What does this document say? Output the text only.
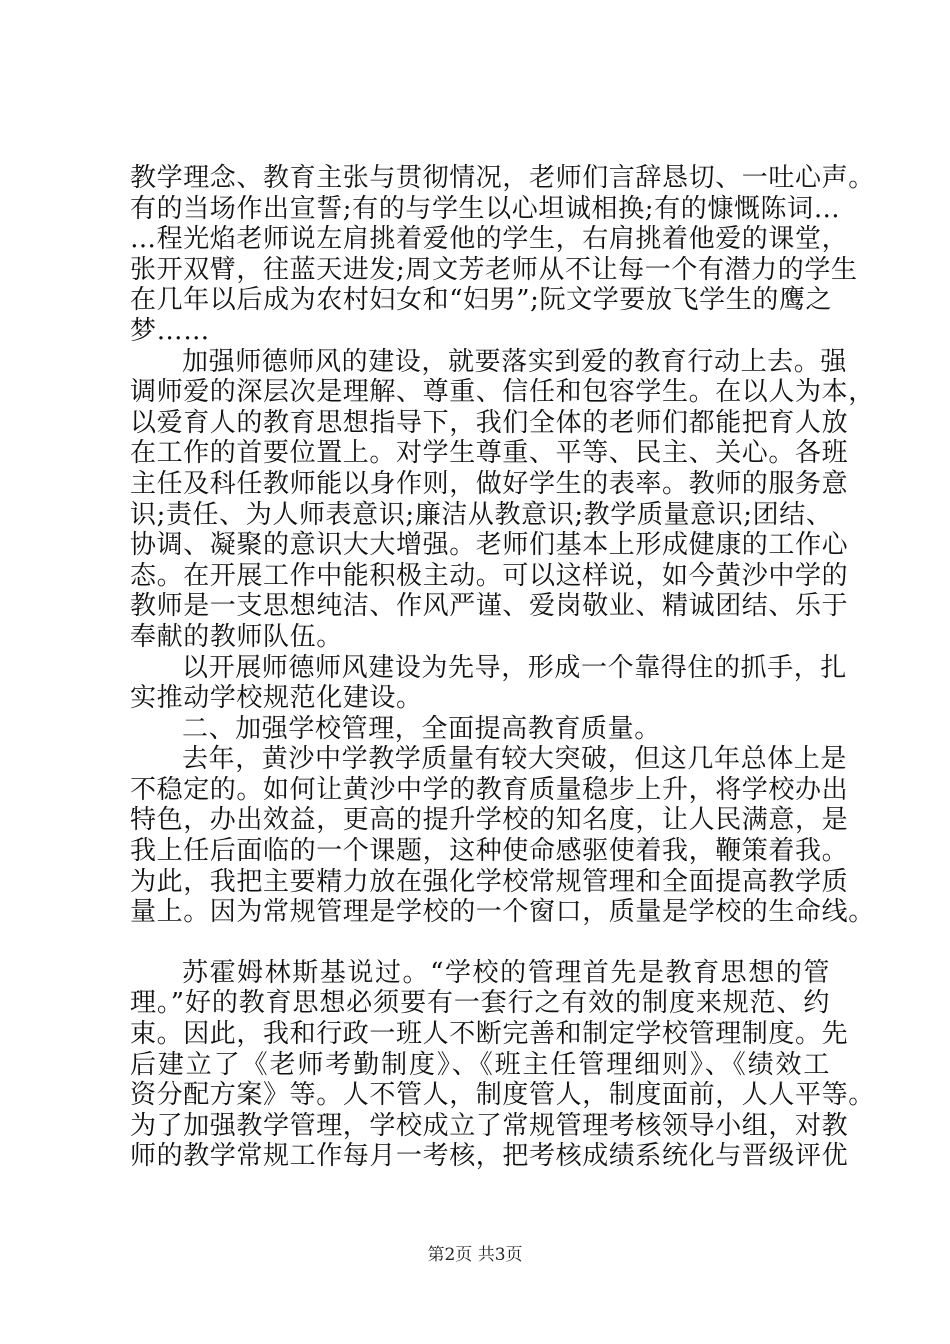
教学理念、教育主张与贯彻情况，老师们言辞恳切、一吐心声。
有的当场作出宣誓;有的与学生以心坦诚相换;有的慷慨陈词…
…程光焰老师说左肩挑着爱他的学生，右肩挑着他爱的课堂，
张开双臂，往蓝天进发;周文芳老师从不让每一个有潜力的学生
在几年以后成为农村妇女和“妇男”;阮文学要放飞学生的鹰之
梦……
加强师德师风的建设，就要落实到爱的教育行动上去。强
调师爱的深层次是理解、尊重、信任和包容学生。在以人为本，
以爱育人的教育思想指导下，我们全体的老师们都能把育人放
在工作的首要位置上。对学生尊重、平等、民主、关心。各班
主任及科任教师能以身作则，做好学生的表率。教师的服务意
识;责任、为人师表意识;廉洁从教意识;教学质量意识;团结、
协调、凝聚的意识大大增强。老师们基本上形成健康的工作心
态。在开展工作中能积极主动。可以这样说，如今黄沙中学的
教师是一支思想纯洁、作风严谨、爱岗敬业、精诚团结、乐于
奉献的教师队伍。
以开展师德师风建设为先导，形成一个靠得住的抓手，扎
实推动学校规范化建设。
二、加强学校管理，全面提高教育质量。
去年，黄沙中学教学质量有较大突破，但这几年总体上是
不稳定的。如何让黄沙中学的教育质量稳步上升，将学校办出
特色，办出效益，更高的提升学校的知名度，让人民满意，是
我上任后面临的一个课题，这种使命感驱使着我，鞭策着我。
为此，我把主要精力放在强化学校常规管理和全面提高教学质
量上。因为常规管理是学校的一个窗口，质量是学校的生命线。
苏霍姆林斯基说过。“学校的管理首先是教育思想的管
理。”好的教育思想必须要有一套行之有效的制度来规范、约
束。因此，我和行政一班人不断完善和制定学校管理制度。先
后建立了《老师考勤制度》、《班主任管理细则》、《绩效工
资分配方案》等。人不管人，制度管人，制度面前，人人平等。
为了加强教学管理，学校成立了常规管理考核领导小组，对教
师的教学常规工作每月一考核，把考核成绩系统化与晋级评优
第2页 共3页
